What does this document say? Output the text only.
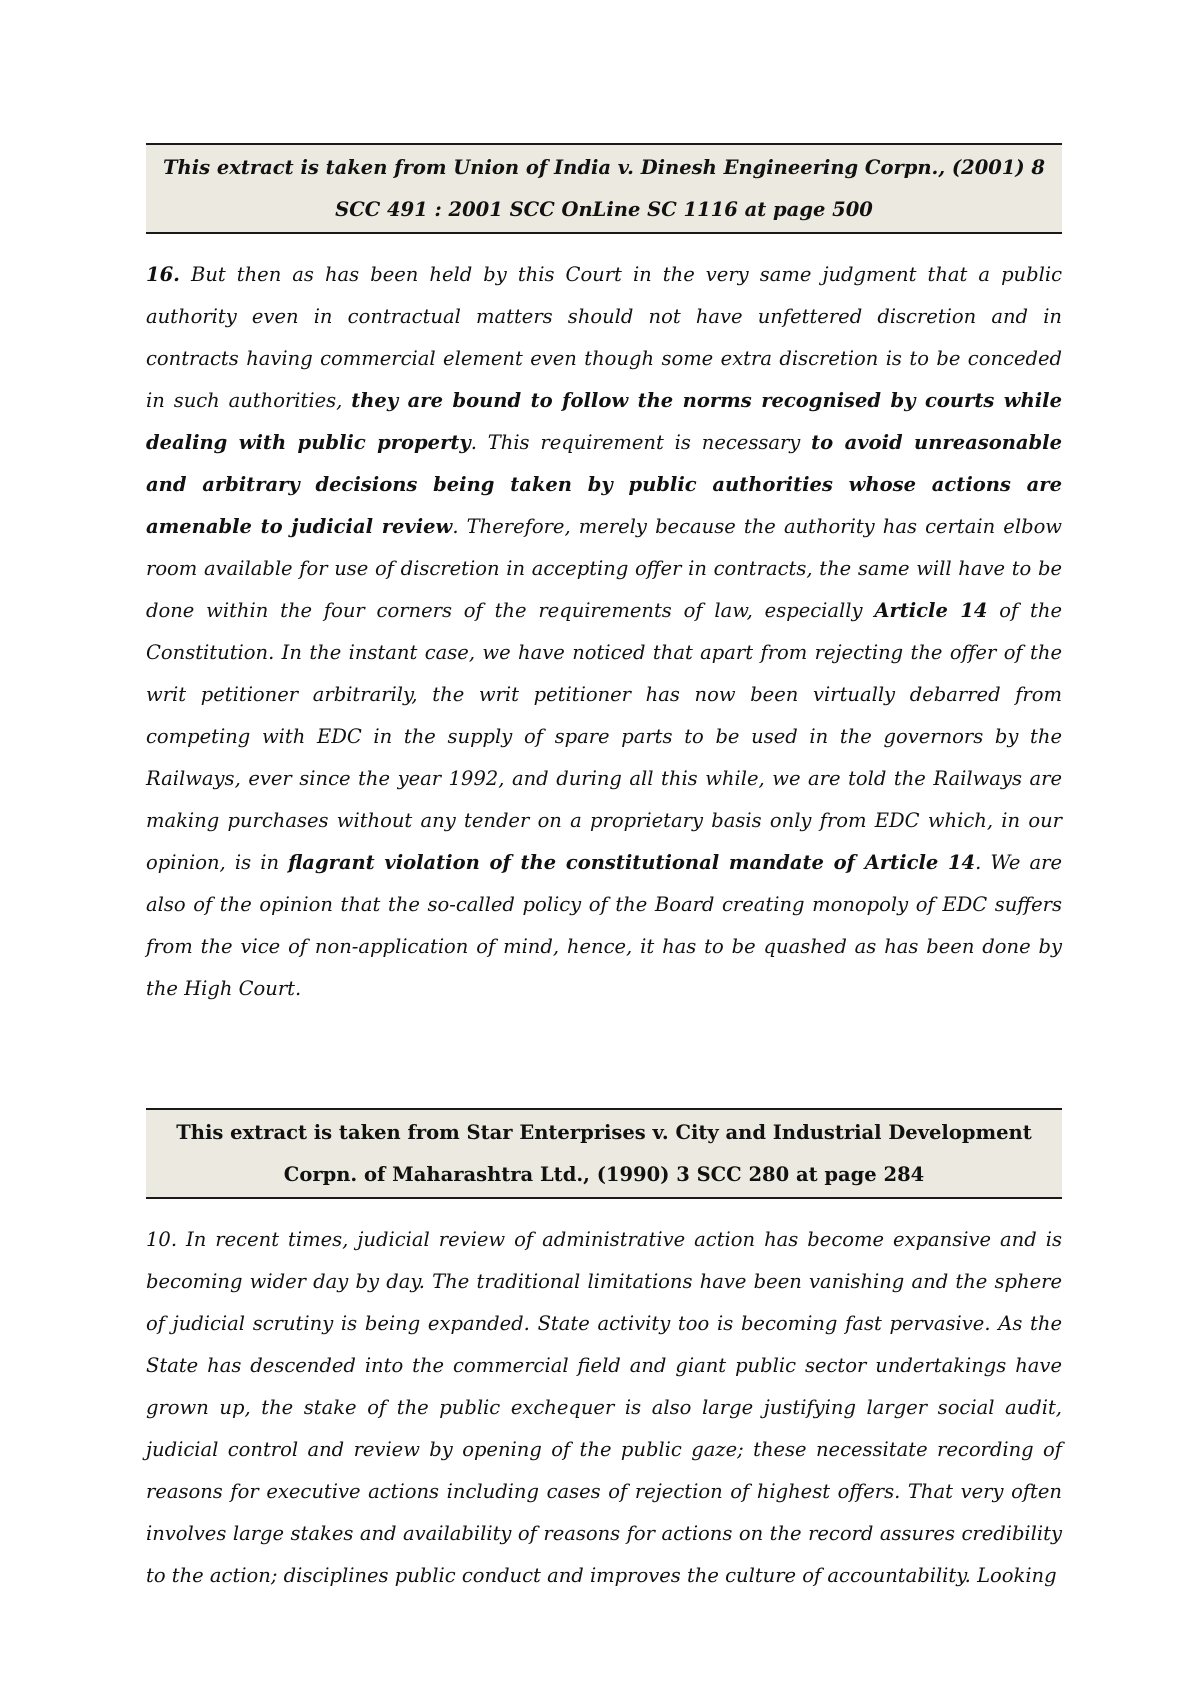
This extract is taken from Union of India v. Dinesh Engineering Corpn., (2001) 8 SCC 491 : 2001 SCC OnLine SC 1116 at page 500

16. But then as has been held by this Court in the very same judgment that a public authority even in contractual matters should not have unfettered discretion and in contracts having commercial element even though some extra discretion is to be conceded in such authorities, they are bound to follow the norms recognised by courts while dealing with public property. This requirement is necessary to avoid unreasonable and arbitrary decisions being taken by public authorities whose actions are amenable to judicial review. Therefore, merely because the authority has certain elbow room available for use of discretion in accepting offer in contracts, the same will have to be done within the four corners of the requirements of law, especially Article 14 of the Constitution. In the instant case, we have noticed that apart from rejecting the offer of the writ petitioner arbitrarily, the writ petitioner has now been virtually debarred from competing with EDC in the supply of spare parts to be used in the governors by the Railways, ever since the year 1992, and during all this while, we are told the Railways are making purchases without any tender on a proprietary basis only from EDC which, in our opinion, is in flagrant violation of the constitutional mandate of Article 14. We are also of the opinion that the so-called policy of the Board creating monopoly of EDC suffers from the vice of non-application of mind, hence, it has to be quashed as has been done by the High Court.

This extract is taken from Star Enterprises v. City and Industrial Development Corpn. of Maharashtra Ltd., (1990) 3 SCC 280 at page 284

10. In recent times, judicial review of administrative action has become expansive and is becoming wider day by day. The traditional limitations have been vanishing and the sphere of judicial scrutiny is being expanded. State activity too is becoming fast pervasive. As the State has descended into the commercial field and giant public sector undertakings have grown up, the stake of the public exchequer is also large justifying larger social audit, judicial control and review by opening of the public gaze; these necessitate recording of reasons for executive actions including cases of rejection of highest offers. That very often involves large stakes and availability of reasons for actions on the record assures credibility to the action; disciplines public conduct and improves the culture of accountability. Looking
